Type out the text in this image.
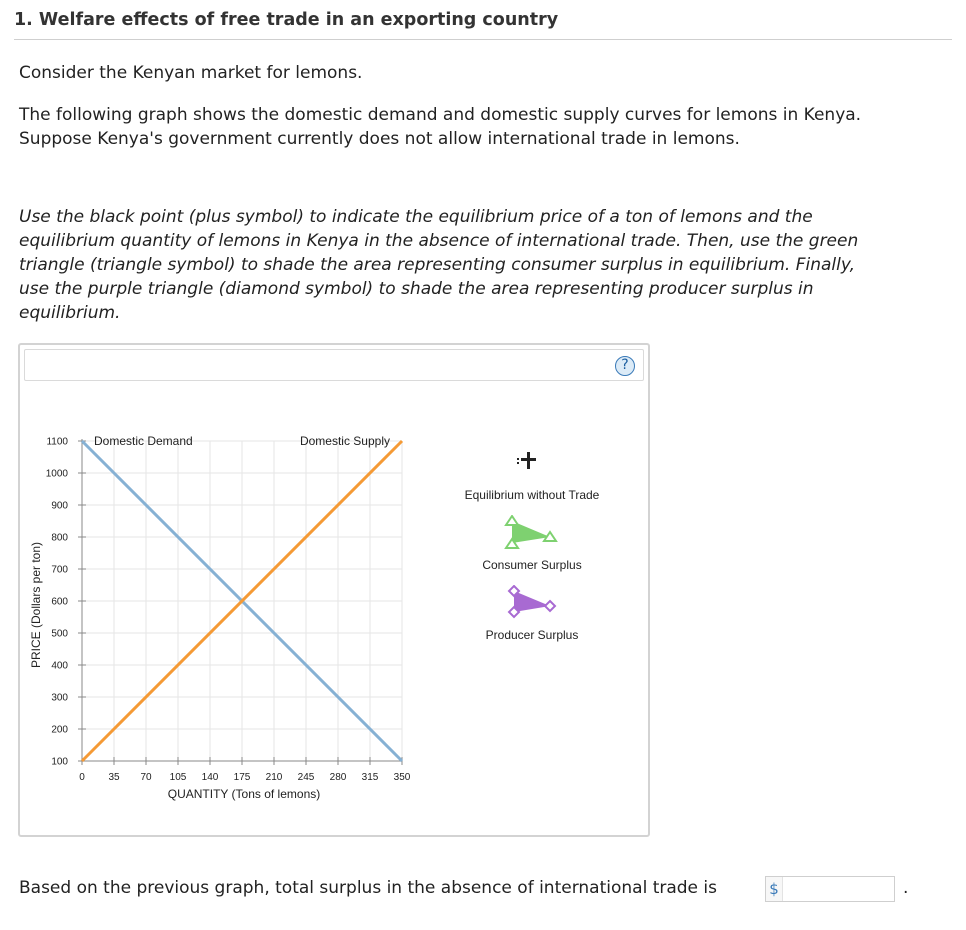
1. Welfare effects of free trade in an exporting country
Consider the Kenyan market for lemons.
The following graph shows the domestic demand and domestic supply curves for lemons in Kenya.
Suppose Kenya's government currently does not allow international trade in lemons.
Use the black point (plus symbol) to indicate the equilibrium price of a ton of lemons and the
equilibrium quantity of lemons in Kenya in the absence of international trade. Then, use the green
triangle (triangle symbol) to shade the area representing consumer surplus in equilibrium. Finally,
use the purple triangle (diamond symbol) to shade the area representing producer surplus in
equilibrium.
?
0 35 70 105 140 175 210 245 280 315 350
100
200
300
400
500
600
700
800
900
1000
1100
QUANTITY (Tons of lemons)
PRICE (Dollars per ton)
Domestic Demand	Domestic Supply
Equilibrium without Trade
Consumer Surplus
Producer Surplus
Based on the previous graph, total surplus in the absence of international trade is	$	.
